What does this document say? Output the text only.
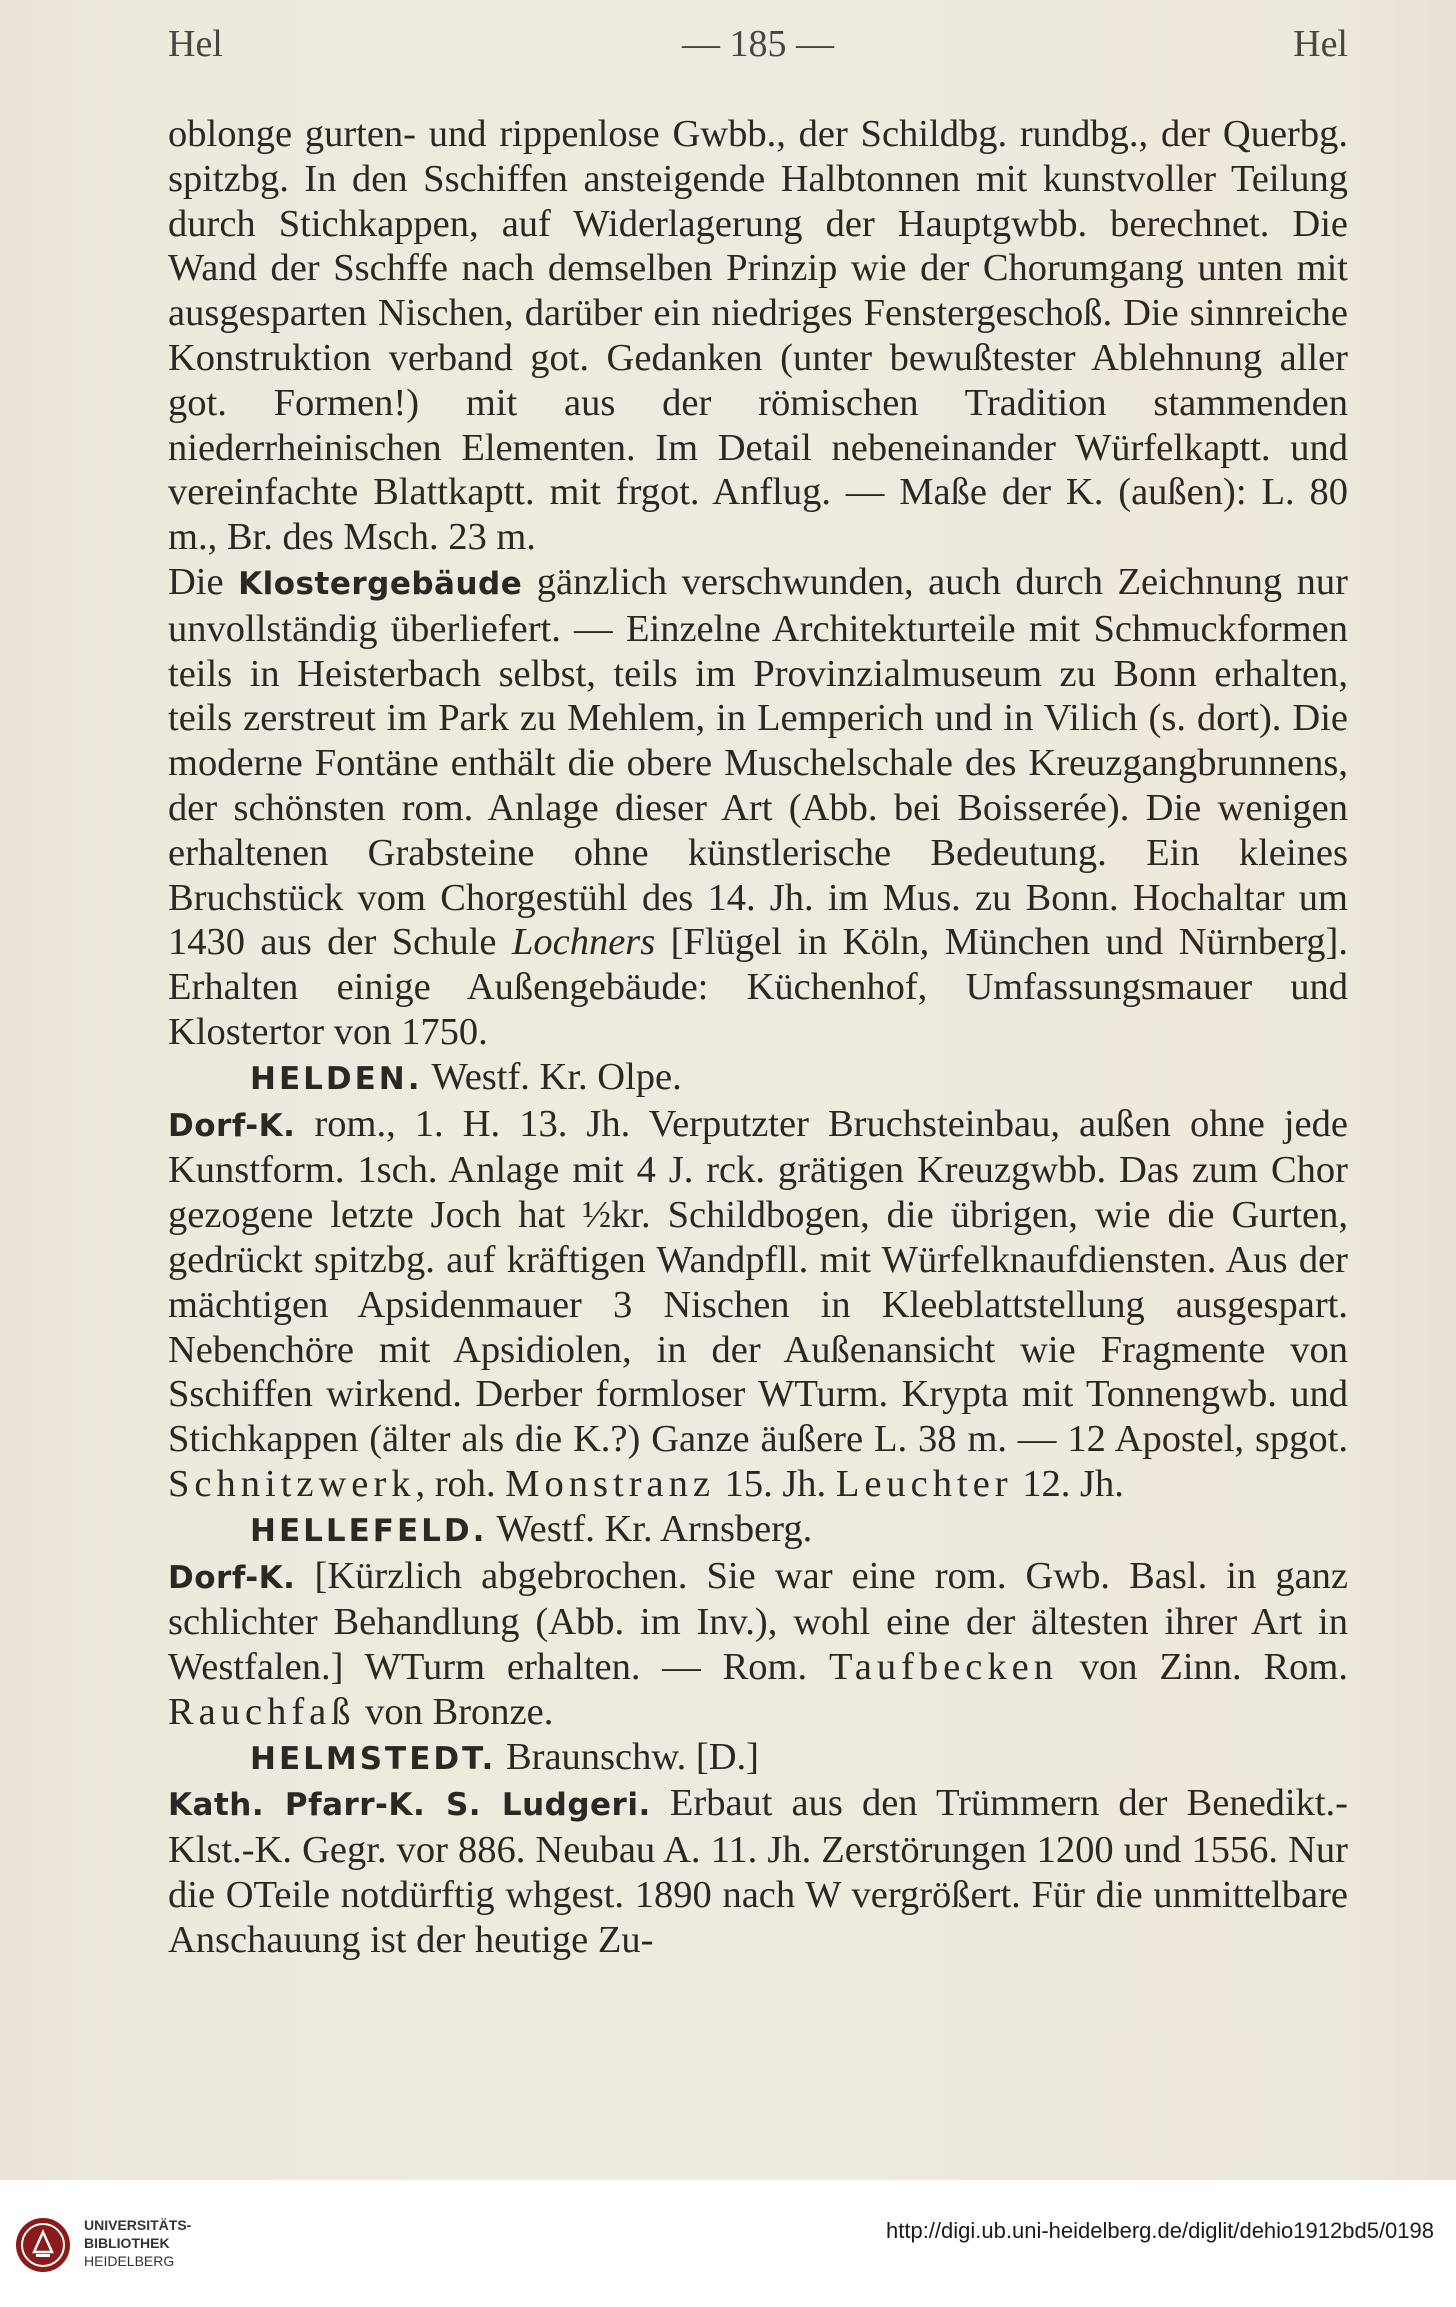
Hel	— 185 —	Hel

oblonge gurten- und rippenlose Gwbb., der Schildbg. rundbg., der Querbg. spitzbg. In den Sschiffen ansteigende Halbtonnen mit kunstvoller Teilung durch Stichkappen, auf Widerlagerung der Hauptgwbb. berechnet. Die Wand der Sschffe nach demselben Prinzip wie der Chorumgang unten mit ausgesparten Nischen, darüber ein niedriges Fenstergeschoß. Die sinnreiche Konstruktion verband got. Gedanken (unter bewußtester Ablehnung aller got. Formen!) mit aus der römischen Tradition stammenden niederrheinischen Elementen. Im Detail nebeneinander Würfelkaptt. und vereinfachte Blattkaptt. mit frgot. Anflug. — Maße der K. (außen): L. 80 m., Br. des Msch. 23 m.

Die Klostergebäude gänzlich verschwunden, auch durch Zeichnung nur unvollständig überliefert. — Einzelne Architekturteile mit Schmuckformen teils in Heisterbach selbst, teils im Provinzialmuseum zu Bonn erhalten, teils zerstreut im Park zu Mehlem, in Lemperich und in Vilich (s. dort). Die moderne Fontäne enthält die obere Muschelschale des Kreuzgangbrunnens, der schönsten rom. Anlage dieser Art (Abb. bei Boisserée). Die wenigen erhaltenen Grabsteine ohne künstlerische Bedeutung. Ein kleines Bruchstück vom Chorgestühl des 14. Jh. im Mus. zu Bonn. Hochaltar um 1430 aus der Schule Lochners [Flügel in Köln, München und Nürnberg]. Erhalten einige Außengebäude: Küchenhof, Umfassungsmauer und Klostertor von 1750.

HELDEN. Westf. Kr. Olpe.

Dorf-K. rom., 1. H. 13. Jh. Verputzter Bruchsteinbau, außen ohne jede Kunstform. 1sch. Anlage mit 4 J. rck. grätigen Kreuzgwbb. Das zum Chor gezogene letzte Joch hat ½kr. Schildbogen, die übrigen, wie die Gurten, gedrückt spitzbg. auf kräftigen Wandpfll. mit Würfelknaufdiensten. Aus der mächtigen Apsidenmauer 3 Nischen in Kleeblattstellung ausgespart. Nebenchöre mit Apsidiolen, in der Außenansicht wie Fragmente von Sschiffen wirkend. Derber formloser WTurm. Krypta mit Tonnengwb. und Stichkappen (älter als die K.?) Ganze äußere L. 38 m. — 12 Apostel, spgot. Schnitzwerk, roh. Monstranz 15. Jh. Leuchter 12. Jh.

HELLEFELD. Westf. Kr. Arnsberg.

Dorf-K. [Kürzlich abgebrochen. Sie war eine rom. Gwb. Basl. in ganz schlichter Behandlung (Abb. im Inv.), wohl eine der ältesten ihrer Art in Westfalen.] WTurm erhalten. — Rom. Taufbecken von Zinn. Rom. Rauchfaß von Bronze.

HELMSTEDT. Braunschw. [D.]

Kath. Pfarr-K. S. Ludgeri. Erbaut aus den Trümmern der Benedikt.-Klst.-K. Gegr. vor 886. Neubau A. 11. Jh. Zerstörungen 1200 und 1556. Nur die OTeile notdürftig whgest. 1890 nach W vergrößert. Für die unmittelbare Anschauung ist der heutige Zu-

UNIVERSITÄTS-
BIBLIOTHEK
HEIDELBERG
http://digi.ub.uni-heidelberg.de/diglit/dehio1912bd5/0198
